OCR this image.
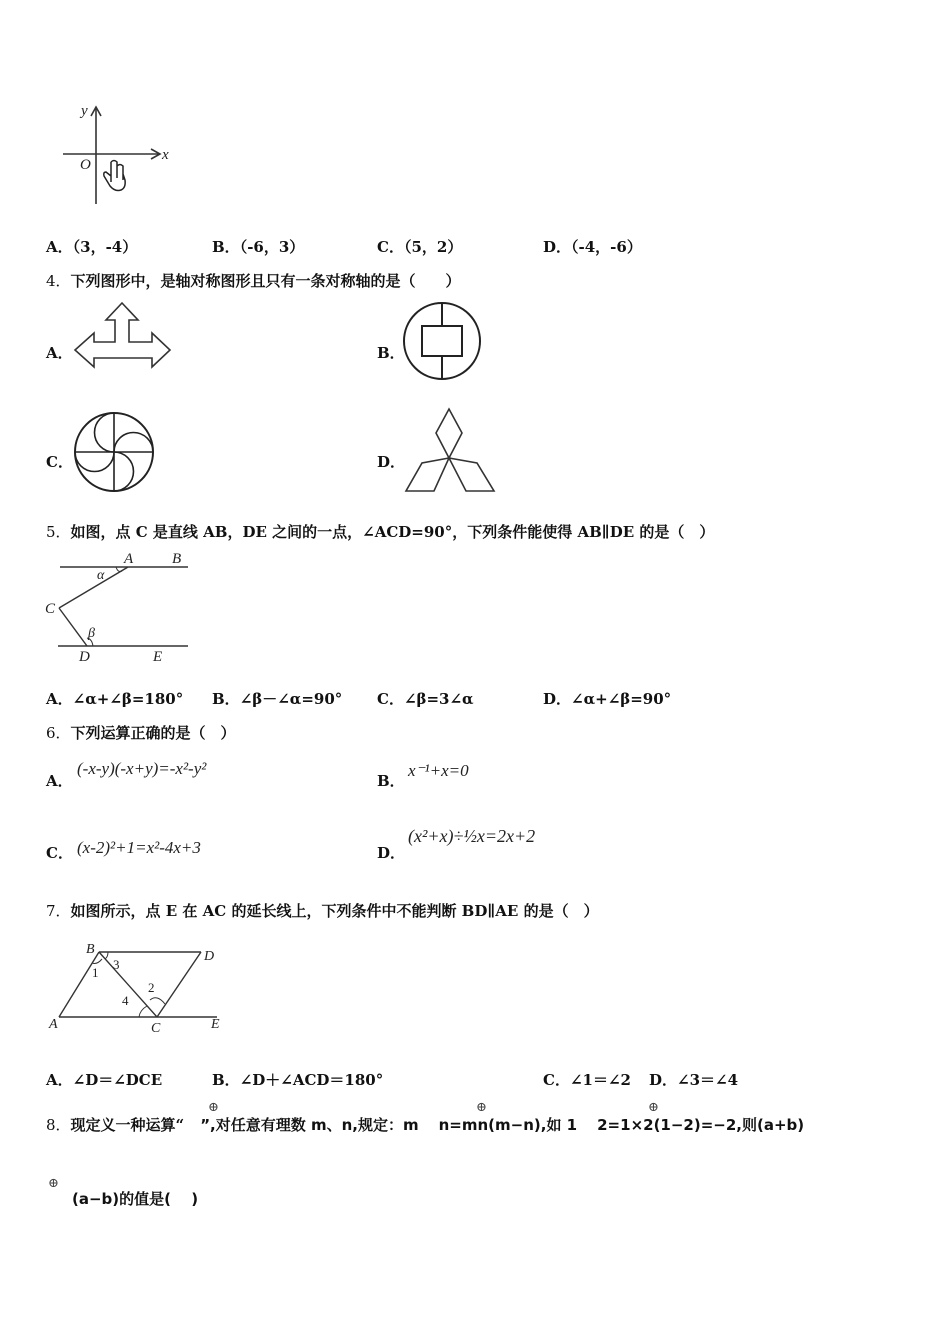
y
x
O
A．（3，-4）	B．（-6，3）	C．（5，2）	D．（-4，-6）
4．下列图形中，是轴对称图形且只有一条对称轴的是（　　）
A．	B．
C．	D．
5．如图，点 C 是直线 AB，DE 之间的一点，∠ACD=90°，下列条件能使得 AB∥DE 的是（　）
A	B
α
C
β
D	E
A．∠α+∠β=180° B．∠β－∠α=90° C．∠β=3∠α	D．∠α+∠β=90°
6．下列运算正确的是（　）
A．
(-x-y)(-x+y)=-x²-y²
B．
x⁻¹+x=0
C． (x-2)²+1=x²-4x+3	D．
(x²+x)÷½x=2x+2
7．如图所示，点 E 在 AC 的延长线上，下列条件中不能判断 BD∥AE 的是（　）
B	D
1
3
2
4
A	C	E
A．∠D＝∠DCE	B．∠D＋∠ACD＝180°	C．∠1＝∠2 D．∠3＝∠4
8．现定义一种运算“ ”,对任意有理数 m、n,规定：m n=mn(m−n),如 1 2=1×2(1−2)=−2,则(a+b)
⊕	⊕	⊕
⊕
(a−b)的值是(　 )
